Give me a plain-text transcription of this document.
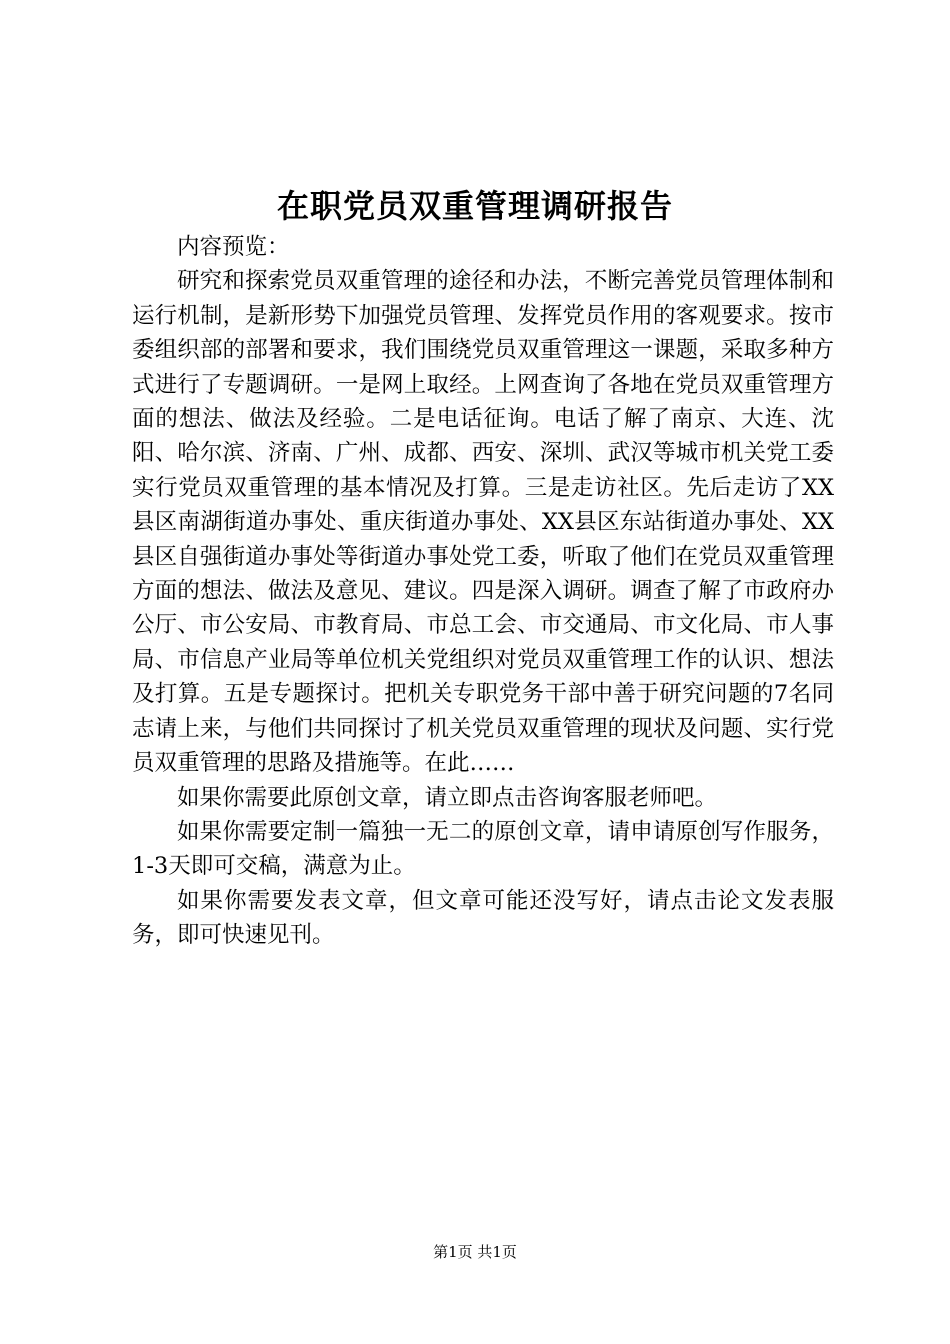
在职党员双重管理调研报告

内容预览：

研究和探索党员双重管理的途径和办法，不断完善党员管理体制和运行机制，是新形势下加强党员管理、发挥党员作用的客观要求。按市委组织部的部署和要求，我们围绕党员双重管理这一课题，采取多种方式进行了专题调研。一是网上取经。上网查询了各地在党员双重管理方面的想法、做法及经验。二是电话征询。电话了解了南京、大连、沈阳、哈尔滨、济南、广州、成都、西安、深圳、武汉等城市机关党工委实行党员双重管理的基本情况及打算。三是走访社区。先后走访了XX县区南湖街道办事处、重庆街道办事处、XX县区东站街道办事处、XX县区自强街道办事处等街道办事处党工委，听取了他们在党员双重管理方面的想法、做法及意见、建议。四是深入调研。调查了解了市政府办公厅、市公安局、市教育局、市总工会、市交通局、市文化局、市人事局、市信息产业局等单位机关党组织对党员双重管理工作的认识、想法及打算。五是专题探讨。把机关专职党务干部中善于研究问题的7名同志请上来，与他们共同探讨了机关党员双重管理的现状及问题、实行党员双重管理的思路及措施等。在此……

如果你需要此原创文章，请立即点击咨询客服老师吧。

如果你需要定制一篇独一无二的原创文章，请申请原创写作服务，1-3天即可交稿，满意为止。

如果你需要发表文章，但文章可能还没写好，请点击论文发表服务，即可快速见刊。

第1页 共1页
